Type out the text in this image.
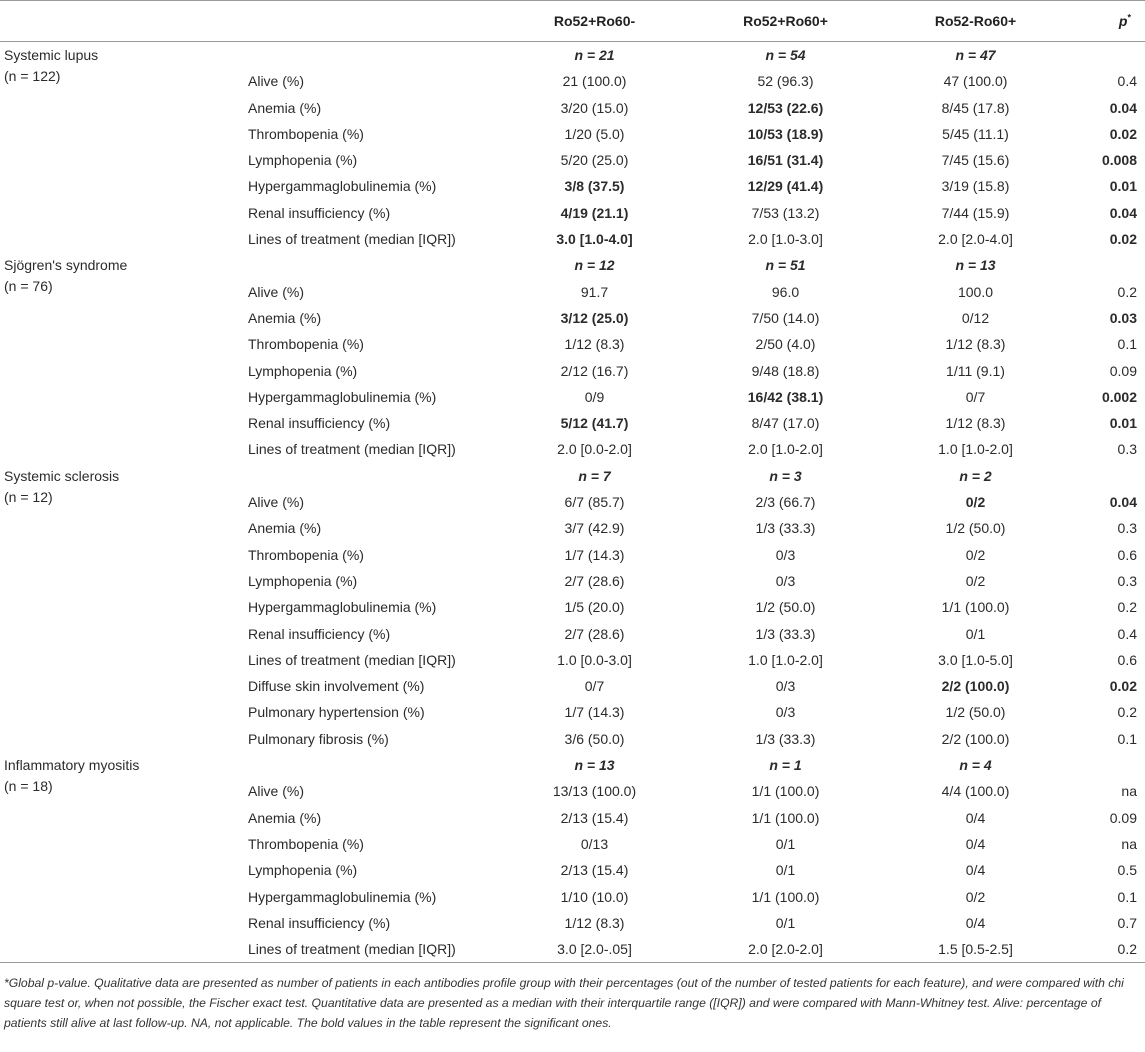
		Ro52+Ro60-	Ro52+Ro60+	Ro52-Ro60+	p*

Systemic lupus
(n = 122)		n = 21	n = 54	n = 47	
	Alive (%)	21 (100.0)	52 (96.3)	47 (100.0)	0.4
	Anemia (%)	3/20 (15.0)	12/53 (22.6)	8/45 (17.8)	0.04
	Thrombopenia (%)	1/20 (5.0)	10/53 (18.9)	5/45 (11.1)	0.02
	Lymphopenia (%)	5/20 (25.0)	16/51 (31.4)	7/45 (15.6)	0.008
	Hypergammaglobulinemia (%)	3/8 (37.5)	12/29 (41.4)	3/19 (15.8)	0.01
	Renal insufficiency (%)	4/19 (21.1)	7/53 (13.2)	7/44 (15.9)	0.04
	Lines of treatment (median [IQR])	3.0 [1.0-4.0]	2.0 [1.0-3.0]	2.0 [2.0-4.0]	0.02

Sjögren's syndrome
(n = 76)		n = 12	n = 51	n = 13	
	Alive (%)	91.7	96.0	100.0	0.2
	Anemia (%)	3/12 (25.0)	7/50 (14.0)	0/12	0.03
	Thrombopenia (%)	1/12 (8.3)	2/50 (4.0)	1/12 (8.3)	0.1
	Lymphopenia (%)	2/12 (16.7)	9/48 (18.8)	1/11 (9.1)	0.09
	Hypergammaglobulinemia (%)	0/9	16/42 (38.1)	0/7	0.002
	Renal insufficiency (%)	5/12 (41.7)	8/47 (17.0)	1/12 (8.3)	0.01
	Lines of treatment (median [IQR])	2.0 [0.0-2.0]	2.0 [1.0-2.0]	1.0 [1.0-2.0]	0.3

Systemic sclerosis
(n = 12)		n = 7	n = 3	n = 2	
	Alive (%)	6/7 (85.7)	2/3 (66.7)	0/2	0.04
	Anemia (%)	3/7 (42.9)	1/3 (33.3)	1/2 (50.0)	0.3
	Thrombopenia (%)	1/7 (14.3)	0/3	0/2	0.6
	Lymphopenia (%)	2/7 (28.6)	0/3	0/2	0.3
	Hypergammaglobulinemia (%)	1/5 (20.0)	1/2 (50.0)	1/1 (100.0)	0.2
	Renal insufficiency (%)	2/7 (28.6)	1/3 (33.3)	0/1	0.4
	Lines of treatment (median [IQR])	1.0 [0.0-3.0]	1.0 [1.0-2.0]	3.0 [1.0-5.0]	0.6
	Diffuse skin involvement (%)	0/7	0/3	2/2 (100.0)	0.02
	Pulmonary hypertension (%)	1/7 (14.3)	0/3	1/2 (50.0)	0.2
	Pulmonary fibrosis (%)	3/6 (50.0)	1/3 (33.3)	2/2 (100.0)	0.1

Inflammatory myositis
(n = 18)		n = 13	n = 1	n = 4	
	Alive (%)	13/13 (100.0)	1/1 (100.0)	4/4 (100.0)	na
	Anemia (%)	2/13 (15.4)	1/1 (100.0)	0/4	0.09
	Thrombopenia (%)	0/13	0/1	0/4	na
	Lymphopenia (%)	2/13 (15.4)	0/1	0/4	0.5
	Hypergammaglobulinemia (%)	1/10 (10.0)	1/1 (100.0)	0/2	0.1
	Renal insufficiency (%)	1/12 (8.3)	0/1	0/4	0.7
	Lines of treatment (median [IQR])	3.0 [2.0-.05]	2.0 [2.0-2.0]	1.5 [0.5-2.5]	0.2
*Global p-value. Qualitative data are presented as number of patients in each antibodies profile group with their percentages (out of the number of tested patients for each feature), and were compared with chi square test or, when not possible, the Fischer exact test. Quantitative data are presented as a median with their interquartile range ([IQR]) and were compared with Mann-Whitney test. Alive: percentage of patients still alive at last follow-up. NA, not applicable. The bold values in the table represent the significant ones.
